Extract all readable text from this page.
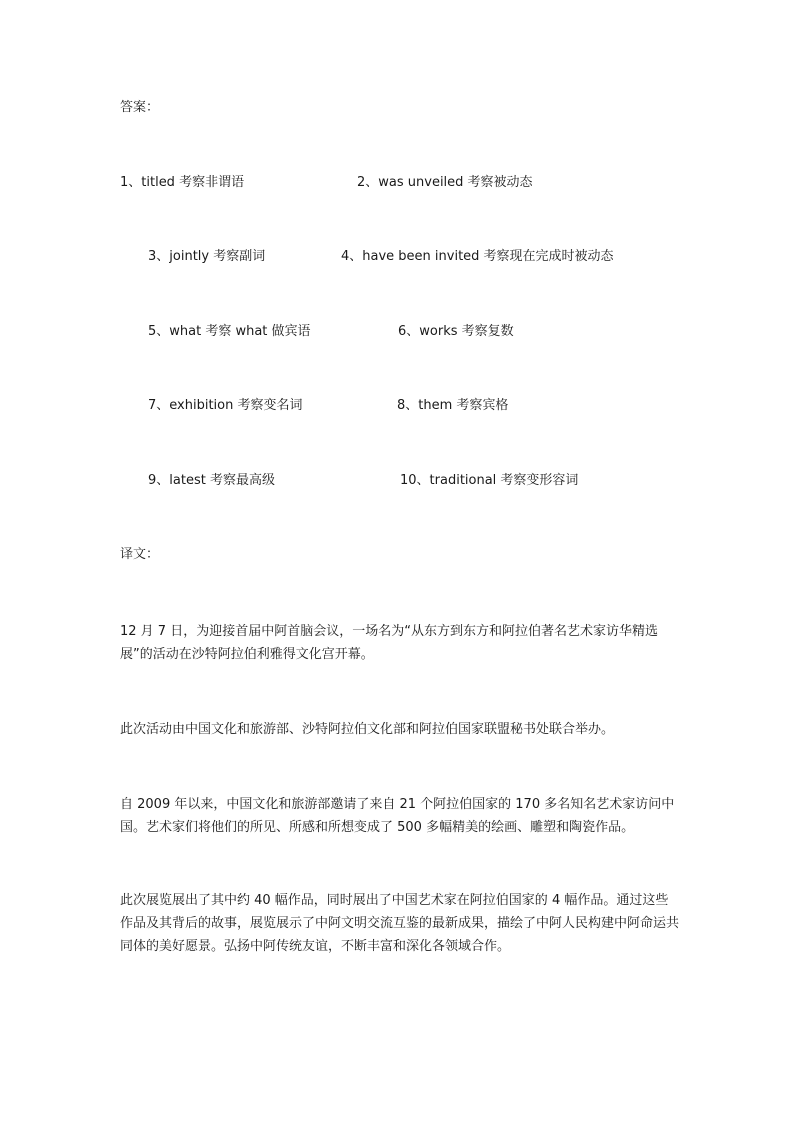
答案：
1、titled 考察非谓语	2、was unveiled 考察被动态
3、jointly 考察副词	4、have been invited 考察现在完成时被动态
5、what 考察 what 做宾语	6、works 考察复数
7、exhibition 考察变名词	8、them 考察宾格
9、latest 考察最高级	10、traditional 考察变形容词
译文：
12 月 7 日，为迎接首届中阿首脑会议，一场名为“从东方到东方和阿拉伯著名艺术家访华精选展”的活动在沙特阿拉伯利雅得文化宫开幕。
此次活动由中国文化和旅游部、沙特阿拉伯文化部和阿拉伯国家联盟秘书处联合举办。
自 2009 年以来，中国文化和旅游部邀请了来自 21 个阿拉伯国家的 170 多名知名艺术家访问中国。艺术家们将他们的所见、所感和所想变成了 500 多幅精美的绘画、雕塑和陶瓷作品。
此次展览展出了其中约 40 幅作品，同时展出了中国艺术家在阿拉伯国家的 4 幅作品。通过这些作品及其背后的故事，展览展示了中阿文明交流互鉴的最新成果，描绘了中阿人民构建中阿命运共同体的美好愿景。弘扬中阿传统友谊，不断丰富和深化各领域合作。
